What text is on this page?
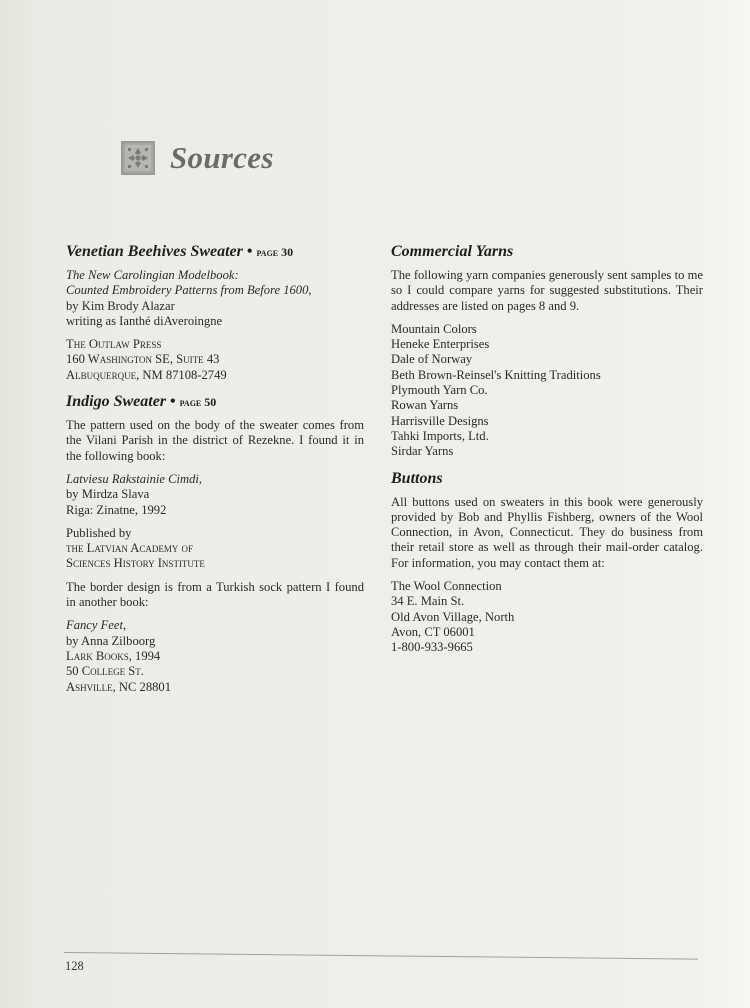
Sources
Venetian Beehives Sweater • page 30
The New Carolingian Modelbook:
Counted Embroidery Patterns from Before 1600,
by Kim Brody Alazar
writing as Ianthé diAveroingne
The Outlaw Press
160 Washington SE, Suite 43
Albuquerque, NM 87108-2749
Indigo Sweater • page 50

The pattern used on the body of the sweater comes from the Vilani Parish in the district of Rezekne. I found it in the following book:

Latviesu Rakstainie Cimdi,
by Mirdza Slava
Riga: Zinatne, 1992
Published by
the Latvian Academy of
Sciences History Institute

The border design is from a Turkish sock pattern I found in another book:

Fancy Feet,
by Anna Zilboorg
Lark Books, 1994
50 College St.
Ashville, NC 28801
Commercial Yarns

The following yarn companies generously sent samples to me so I could compare yarns for suggested substitutions. Their addresses are listed on pages 8 and 9.

Mountain Colors
Heneke Enterprises
Dale of Norway
Beth Brown-Reinsel's Knitting Traditions
Plymouth Yarn Co.
Rowan Yarns
Harrisville Designs
Tahki Imports, Ltd.
Sirdar Yarns
Buttons

All buttons used on sweaters in this book were generously provided by Bob and Phyllis Fishberg, owners of the Wool Connection, in Avon, Connecticut. They do business from their retail store as well as through their mail-order catalog. For information, you may contact them at:

The Wool Connection
34 E. Main St.
Old Avon Village, North
Avon, CT 06001
1-800-933-9665
128
